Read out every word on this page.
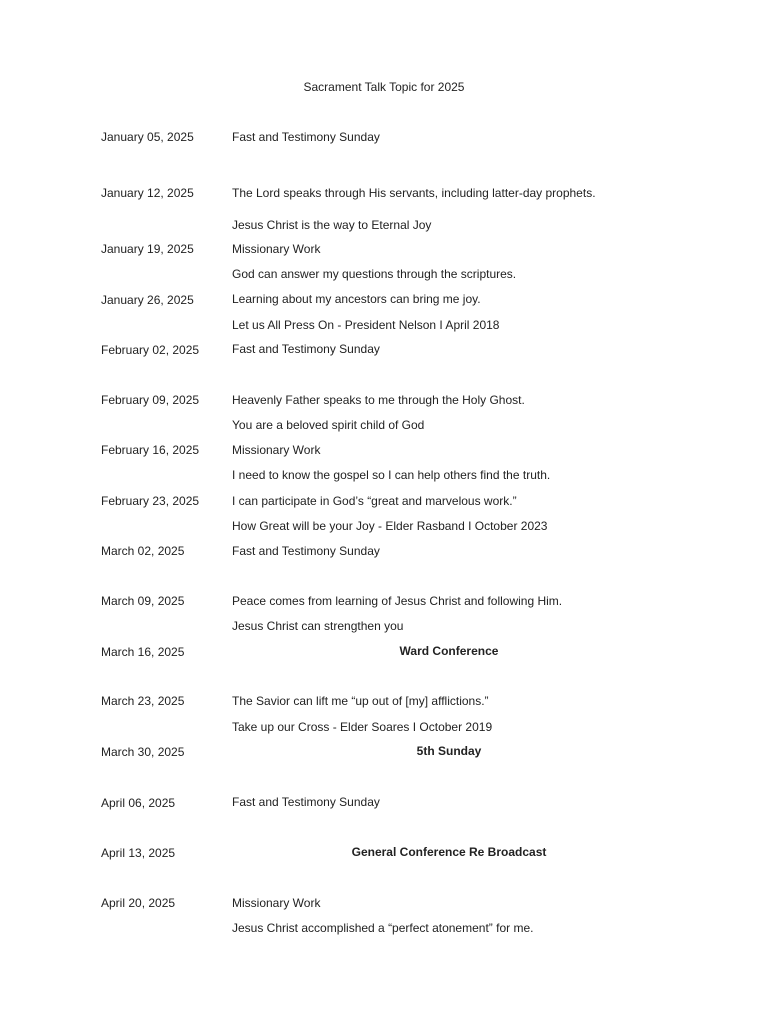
Sacrament Talk Topic for 2025
January 05, 2025	Fast and Testimony Sunday
January 12, 2025	The Lord speaks through His servants, including latter-day prophets.
Jesus Christ is the way to Eternal Joy
January 19, 2025	Missionary Work
God can answer my questions through the scriptures.
January 26, 2025	Learning about my ancestors can bring me joy.
Let us All Press On - President Nelson I April 2018
February 02, 2025	Fast and Testimony Sunday
February 09, 2025	Heavenly Father speaks to me through the Holy Ghost.
You are a beloved spirit child of God
February 16, 2025	Missionary Work
I need to know the gospel so I can help others find the truth.
February 23, 2025	I can participate in God’s “great and marvelous work.”
How Great will be your Joy - Elder Rasband I October 2023
March 02, 2025	Fast and Testimony Sunday
March 09, 2025	Peace comes from learning of Jesus Christ and following Him.
Jesus Christ can strengthen you
March 16, 2025	Ward Conference
March 23, 2025	The Savior can lift me “up out of [my] afflictions.”
Take up our Cross - Elder Soares I October 2019
March 30, 2025	5th Sunday
April 06, 2025	Fast and Testimony Sunday
April 13, 2025	General Conference Re Broadcast
April 20, 2025	Missionary Work
Jesus Christ accomplished a “perfect atonement” for me.
